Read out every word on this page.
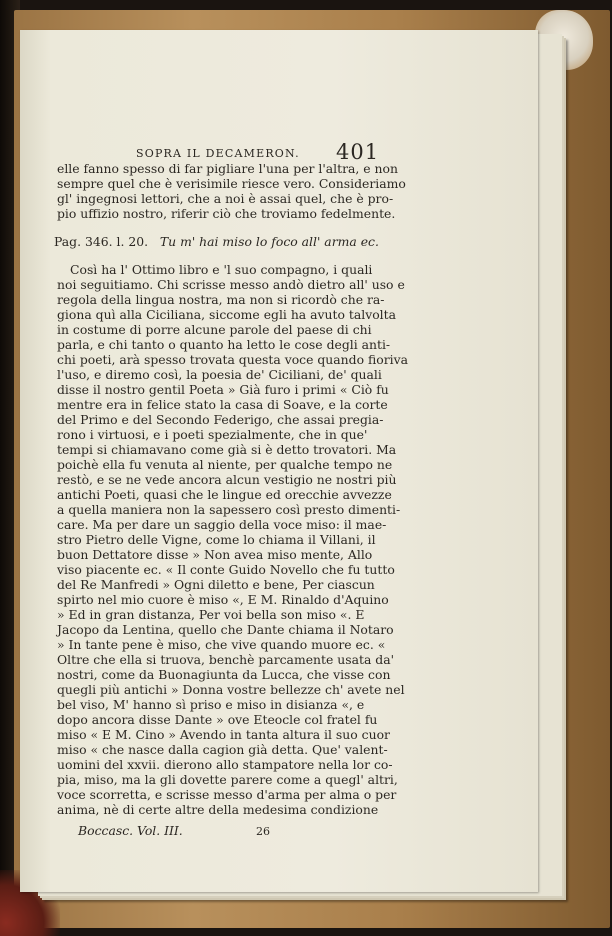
SOPRA IL DECAMERON. 401
elle fanno spesso di far pigliare l'una per l'altra, e non
sempre quel che è verisimile riesce vero. Consideriamo
gl' ingegnosi lettori, che a noi è assai quel, che è pro-
pio uffizio nostro, riferir ciò che troviamo fedelmente.
Pag. 346. l. 20. Tu m' hai miso lo foco all' arma ec.
Così ha l' Ottimo libro e 'l suo compagno, i quali
noi seguitiamo. Chi scrisse messo andò dietro all' uso e
regola della lingua nostra, ma non si ricordò che ra-
giona quì alla Ciciliana, siccome egli ha avuto talvolta
in costume di porre alcune parole del paese di chi
parla, e chi tanto o quanto ha letto le cose degli anti-
chi poeti, arà spesso trovata questa voce quando fioriva
l'uso, e diremo così, la poesia de' Ciciliani, de' quali
disse il nostro gentil Poeta » Già furo i primi « Ciò fu
mentre era in felice stato la casa di Soave, e la corte
del Primo e del Secondo Federigo, che assai pregia-
rono i virtuosi, e i poeti spezialmente, che in que'
tempi si chiamavano come già si è detto trovatori. Ma
poichè ella fu venuta al niente, per qualche tempo ne
restò, e se ne vede ancora alcun vestigio ne nostri più
antichi Poeti, quasi che le lingue ed orecchie avvezze
a quella maniera non la sapessero così presto dimenti-
care. Ma per dare un saggio della voce miso: il mae-
stro Pietro delle Vigne, come lo chiama il Villani, il
buon Dettatore disse » Non avea miso mente, Allo
viso piacente ec. « Il conte Guido Novello che fu tutto
del Re Manfredi » Ogni diletto e bene, Per ciascun
spirto nel mio cuore è miso «, E M. Rinaldo d'Aquino
» Ed in gran distanza, Per voi bella son miso «. E
Jacopo da Lentina, quello che Dante chiama il Notaro
» In tante pene è miso, che vive quando muore ec. «
Oltre che ella si truova, benchè parcamente usata da'
nostri, come da Buonagiunta da Lucca, che visse con
quegli più antichi » Donna vostre bellezze ch' avete nel
bel viso, M' hanno sì priso e miso in disianza «, e
dopo ancora disse Dante » ove Eteocle col fratel fu
miso « E M. Cino » Avendo in tanta altura il suo cuor
miso « che nasce dalla cagion già detta. Que' valent-
uomini del xxvii. dierono allo stampatore nella lor co-
pia, miso, ma la gli dovette parere come a quegl' altri,
voce scorretta, e scrisse messo d'arma per alma o per
anima, nè di certe altre della medesima condizione
Boccasc. Vol. III.	26
